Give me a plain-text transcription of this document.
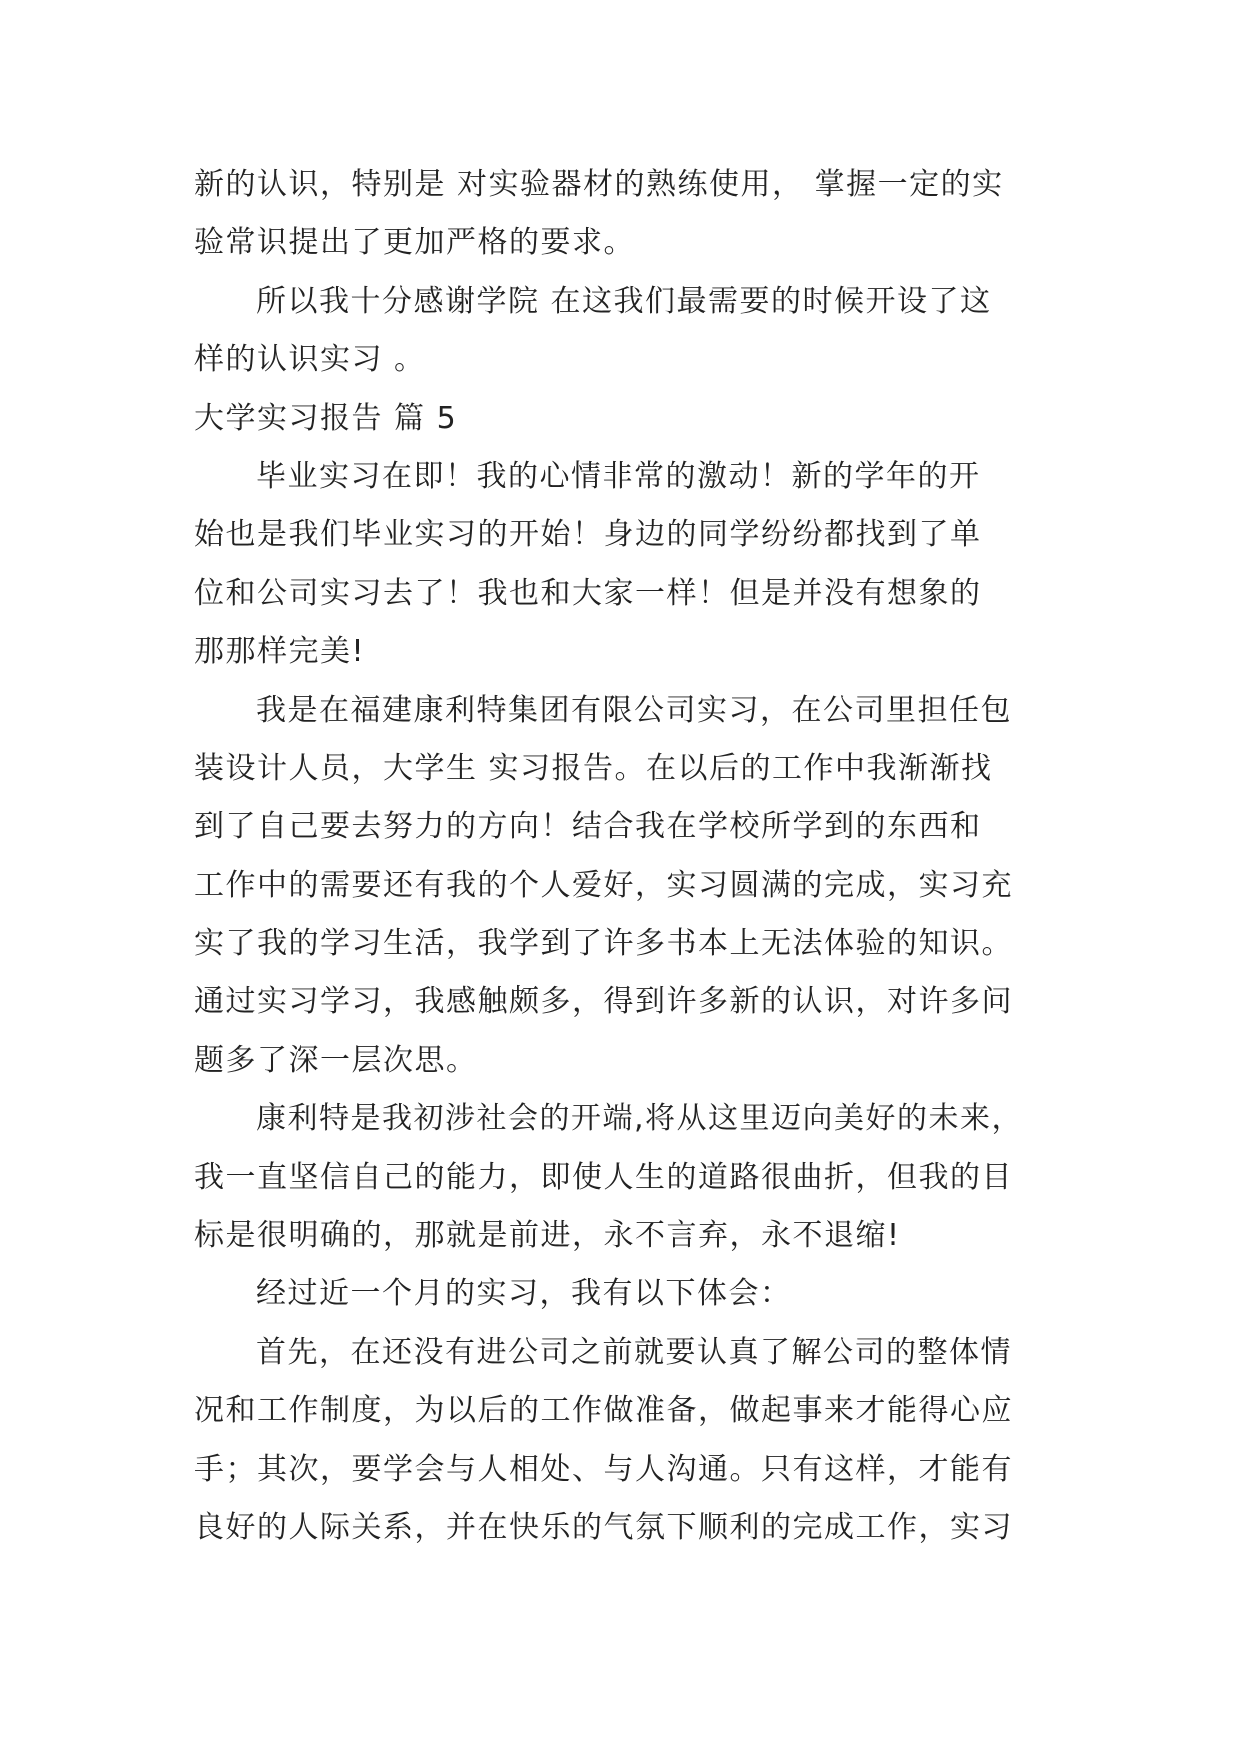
新的认识，特别是 对实验器材的熟练使用， 掌握一定的实
验常识提出了更加严格的要求。
所以我十分感谢学院 在这我们最需要的时候开设了这
样的认识实习 。
大学实习报告 篇 5
毕业实习在即！我的心情非常的激动！新的学年的开
始也是我们毕业实习的开始！身边的同学纷纷都找到了单
位和公司实习去了！我也和大家一样！但是并没有想象的
那那样完美!
我是在福建康利特集团有限公司实习，在公司里担任包
装设计人员，大学生 实习报告。在以后的工作中我渐渐找
到了自己要去努力的方向！结合我在学校所学到的东西和
工作中的需要还有我的个人爱好，实习圆满的完成，实习充
实了我的学习生活，我学到了许多书本上无法体验的知识。
通过实习学习，我感触颇多，得到许多新的认识，对许多问
题多了深一层次思。
康利特是我初涉社会的开端,将从这里迈向美好的未来，
我一直坚信自己的能力，即使人生的道路很曲折，但我的目
标是很明确的，那就是前进，永不言弃，永不退缩!
经过近一个月的实习，我有以下体会：
首先，在还没有进公司之前就要认真了解公司的整体情
况和工作制度，为以后的工作做准备，做起事来才能得心应
手；其次，要学会与人相处、与人沟通。只有这样，才能有
良好的人际关系，并在快乐的气氛下顺利的完成工作，实习
